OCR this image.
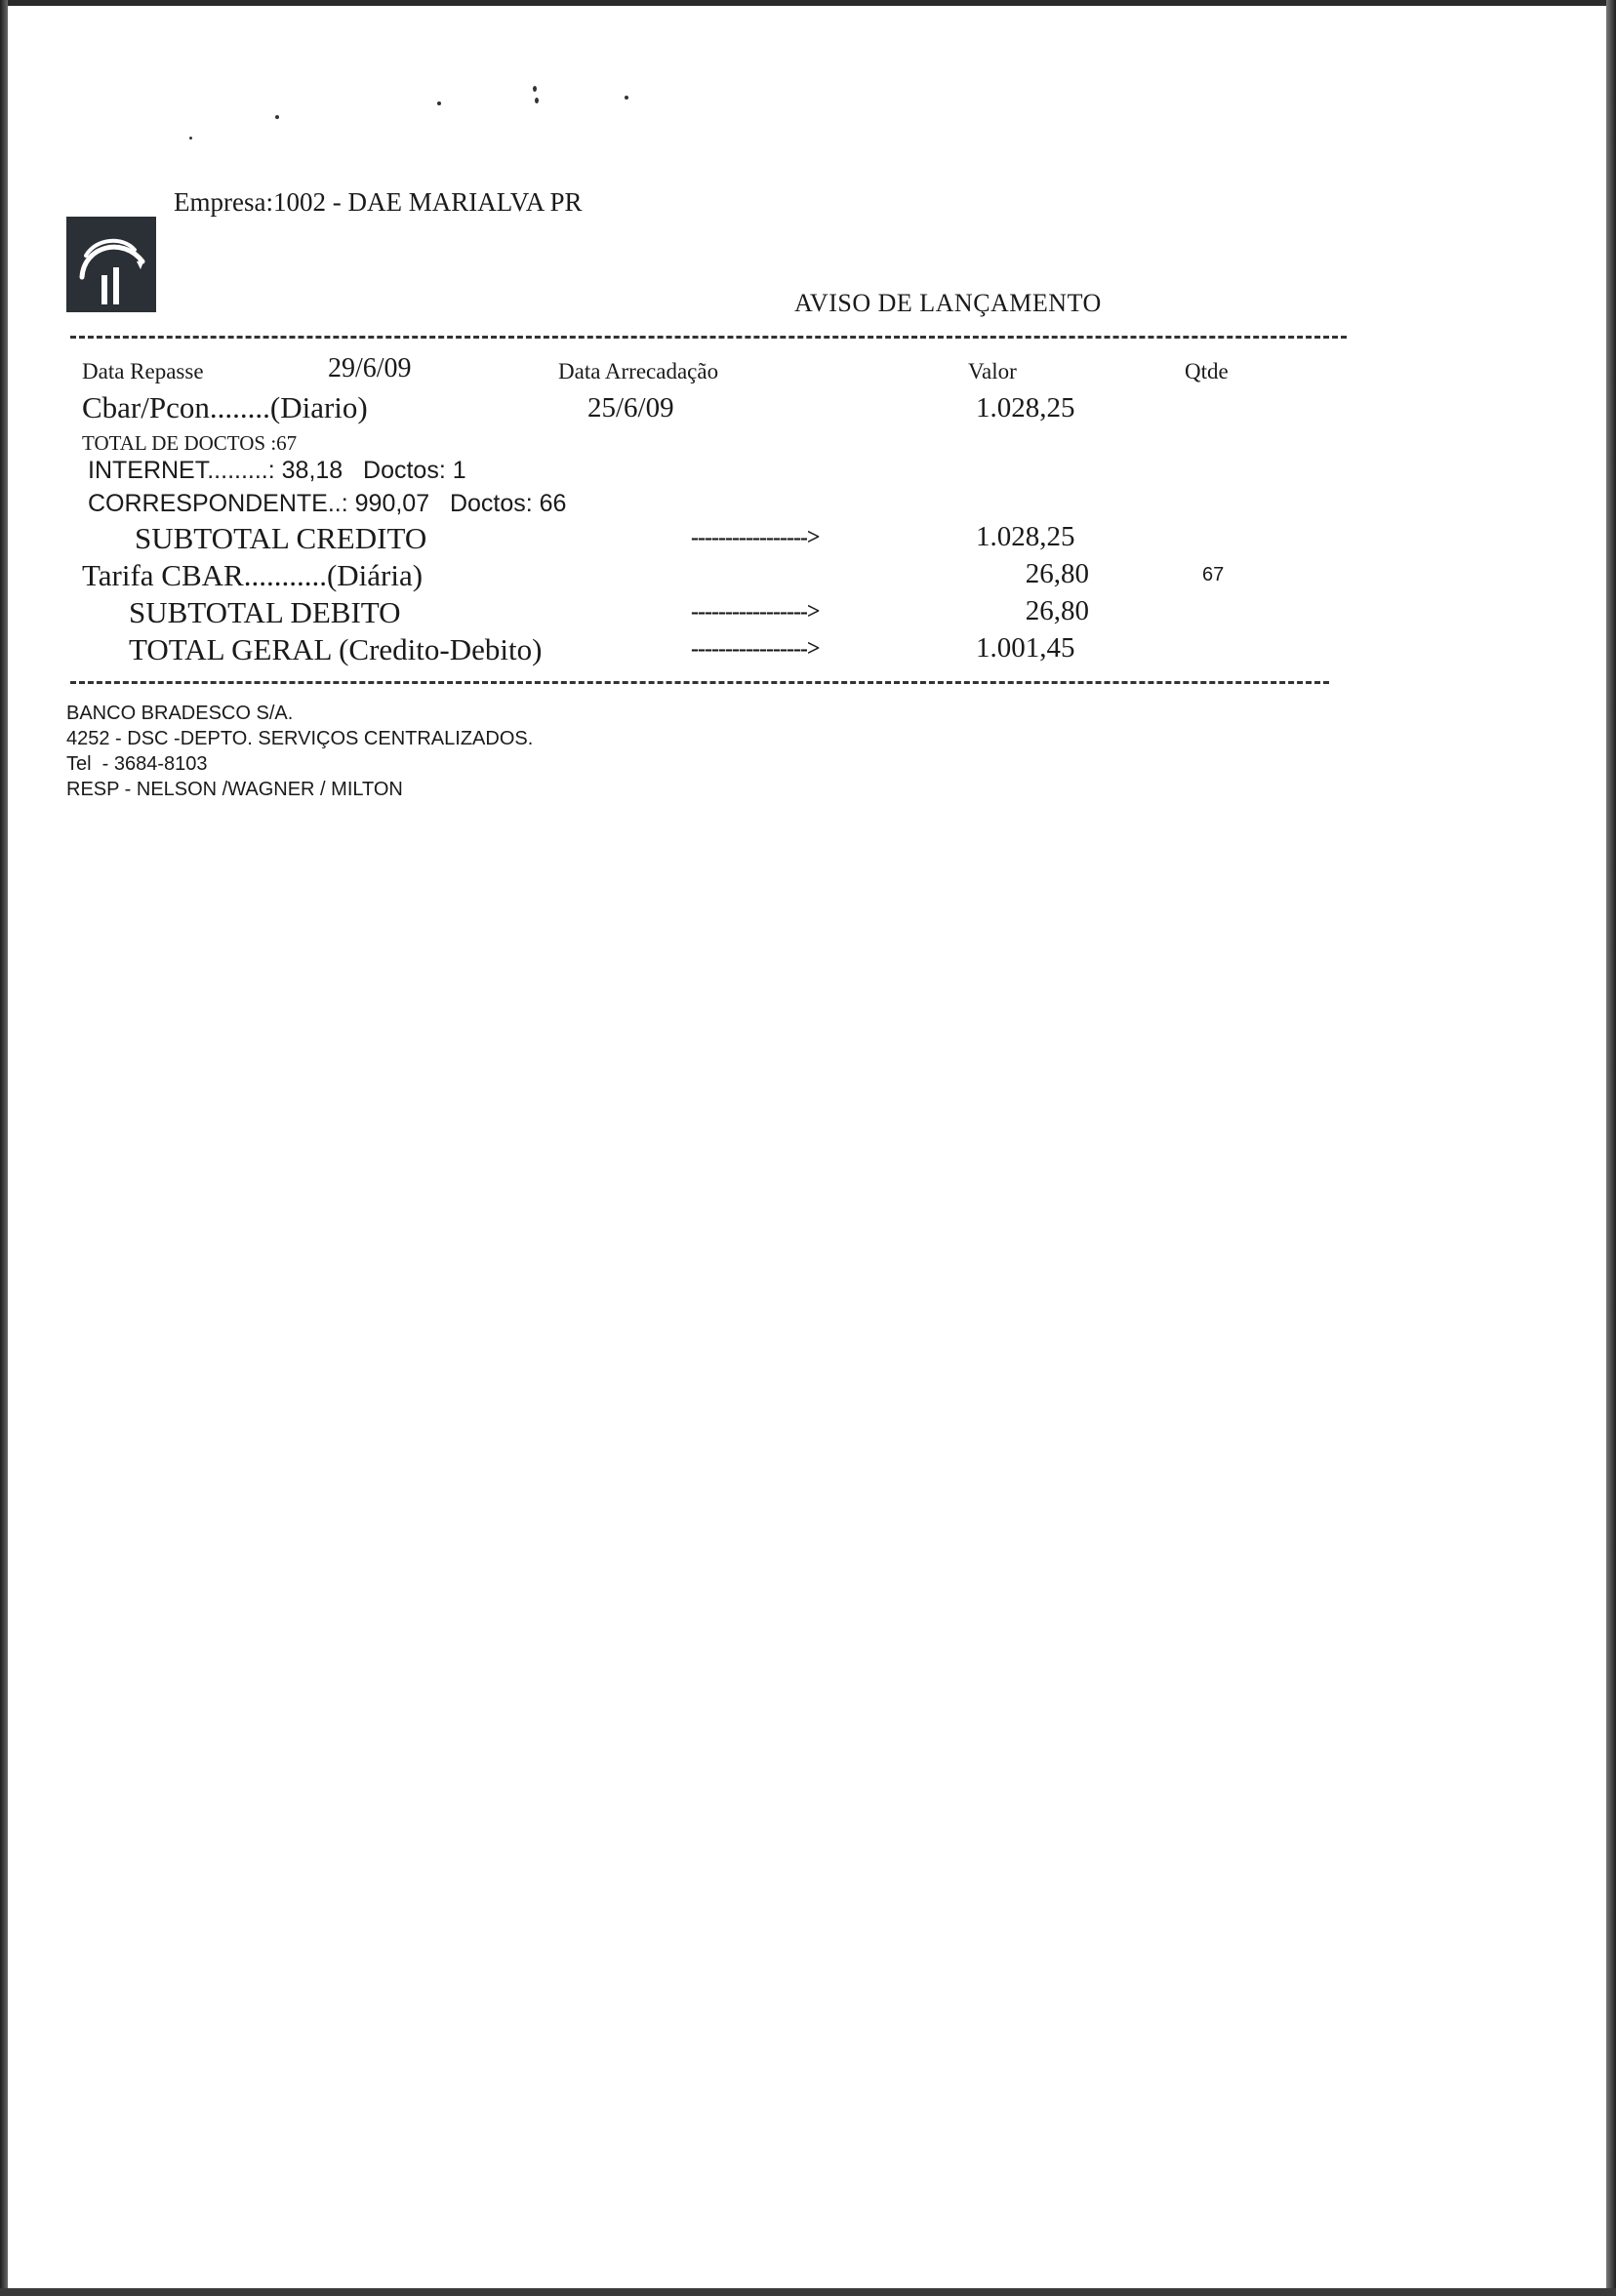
Empresa:1002 - DAE MARIALVA PR
AVISO DE LANÇAMENTO
Data Repasse	29/6/09	Data Arrecadação	Valor	Qtde
Cbar/Pcon........(Diario)	25/6/09	1.028,25
TOTAL DE DOCTOS :67
INTERNET.........: 38,18   Doctos: 1
CORRESPONDENTE..: 990,07   Doctos: 66
SUBTOTAL CREDITO	----------------->	1.028,25
Tarifa CBAR...........(Diária)	26,80	67
SUBTOTAL DEBITO	----------------->	26,80
TOTAL GERAL (Credito-Debito)	----------------->	1.001,45
BANCO BRADESCO S/A.
4252 - DSC -DEPTO. SERVIÇOS CENTRALIZADOS.
Tel  - 3684-8103
RESP - NELSON /WAGNER / MILTON
